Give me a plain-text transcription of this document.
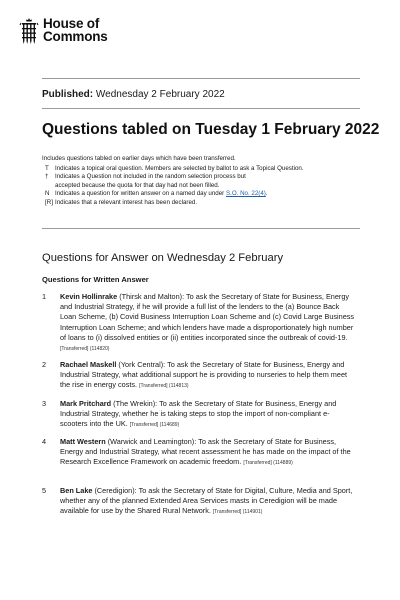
House of
Commons
Published: Wednesday 2 February 2022
Questions tabled on Tuesday 1 February 2022
Includes questions tabled on earlier days which have been transferred.
T	Indicates a topical oral question. Members are selected by ballot to ask a Topical Question.
†	Indicates a Question not included in the random selection process but
accepted because the quota for that day had not been filled.
N Indicates a question for written answer on a named day under S.O. No. 22(4).
[R] Indicates that a relevant interest has been declared.
Questions for Answer on Wednesday 2 February
Questions for Written Answer
1	Kevin Hollinrake (Thirsk and Malton): To ask the Secretary of State for Business, Energy and Industrial Strategy, if he will provide a full list of the lenders to the (a) Bounce Back Loan Scheme, (b) Covid Business Interruption Loan Scheme and (c) Covid Large Business Interruption Loan Scheme; and which lenders have made a disproportionately high number of loans to (i) dissolved entities or (ii) entities incorporated since the outbreak of covid-19. [Transferred] (114820)
2	Rachael Maskell (York Central): To ask the Secretary of State for Business, Energy and Industrial Strategy, what additional support he is providing to nurseries to help them meet the rise in energy costs. [Transferred] (114813)
3	Mark Pritchard (The Wrekin): To ask the Secretary of State for Business, Energy and Industrial Strategy, whether he is taking steps to stop the import of non-compliant e-scooters into the UK. [Transferred] (114689)
4	Matt Western (Warwick and Leamington): To ask the Secretary of State for Business, Energy and Industrial Strategy, what recent assessment he has made on the impact of the Research Excellence Framework on academic freedom. [Transferred] (114889)
5	Ben Lake (Ceredigion): To ask the Secretary of State for Digital, Culture, Media and Sport, whether any of the planned Extended Area Services masts in Ceredigion will be made available for use by the Shared Rural Network. [Transferred] (114901)
